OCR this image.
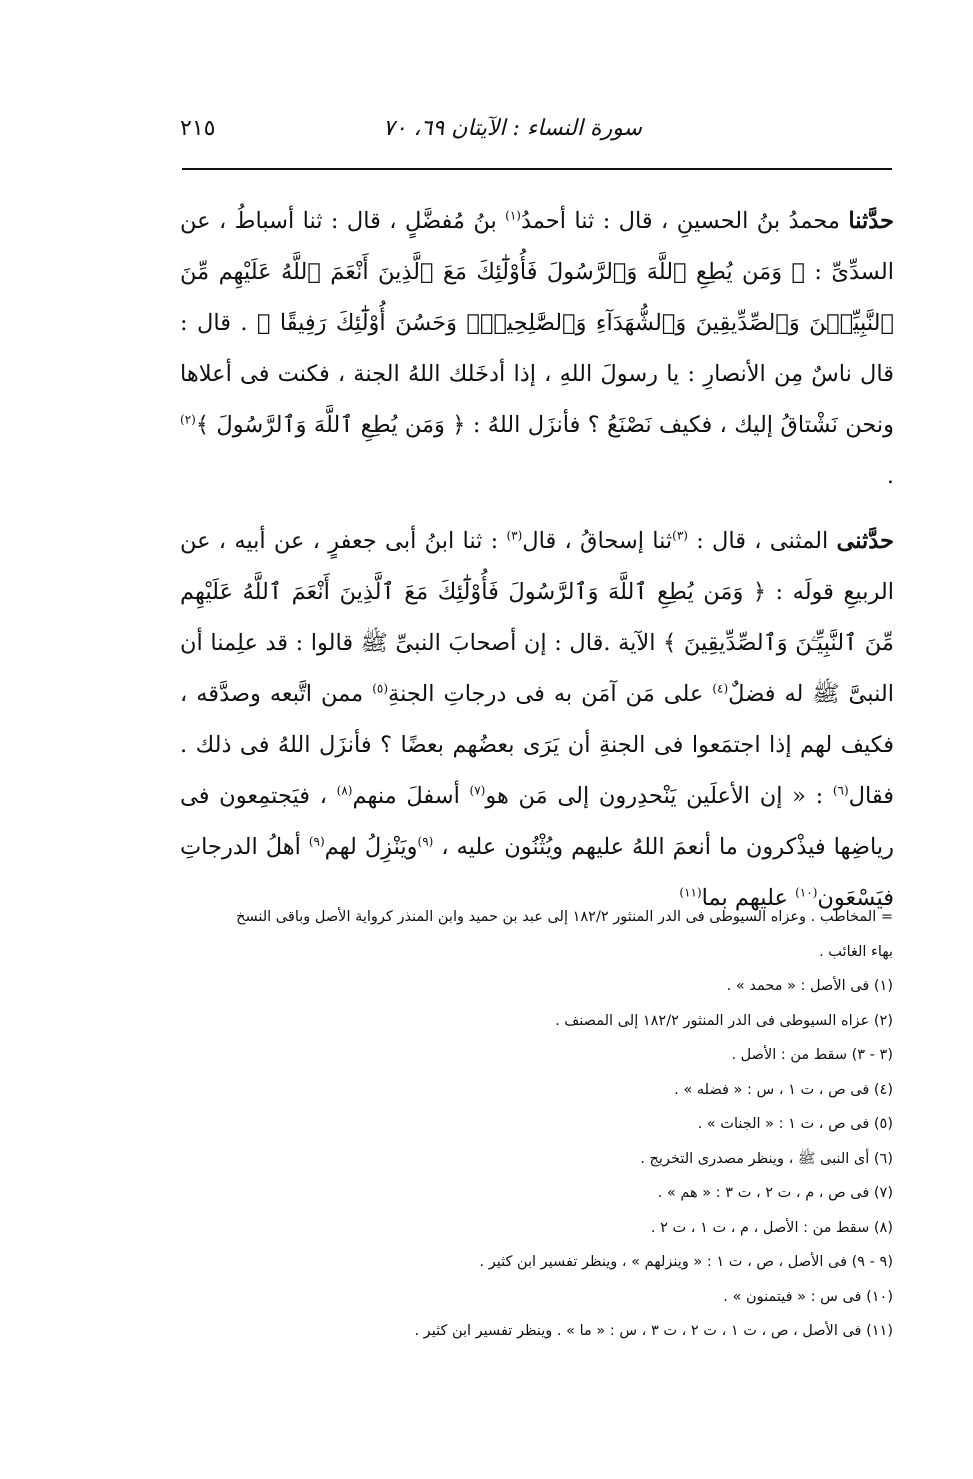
سورة النساء : الآيتان ٦٩، ٧٠
٢١٥

حدَّثنا محمدُ بنُ الحسينِ ، قال : ثنا أحمدُ$^{(١)}$ بنُ مُفضَّلٍ ، قال : ثنا أسباطُ ، عن السدِّىِّ : ﴿ وَمَن يُطِعِ ٱللَّهَ وَٱلرَّسُولَ فَأُوْلَٰٓئِكَ مَعَ ٱلَّذِينَ أَنْعَمَ ٱللَّهُ عَلَيْهِم مِّنَ ٱلنَّبِيِّـۧنَ وَٱلصِّدِّيقِينَ وَٱلشُّهَدَآءِ وَٱلصَّٰلِحِينَۚ وَحَسُنَ أُوْلَٰٓئِكَ رَفِيقًا ﴾ . قال : قال ناسٌ مِن الأنصارِ : يا رسولَ اللهِ ، إذا أدخَلك اللهُ الجنة ، فكنت فى أعلاها ونحن نَشْتاقُ إليك ، فكيف نَصْنَعُ ؟ فأنزَل اللهُ : ﴿ وَمَن يُطِعِ ٱللَّهَ وَٱلرَّسُولَ ﴾$^{(٢)}$ .

حدَّثنى المثنى ، قال : $^{(٣)}$ثنا إسحاقُ ، قال$^{(٣)}$ : ثنا ابنُ أبى جعفرٍ ، عن أبيه ، عن الربيعِ قولَه : ﴿ وَمَن يُطِعِ ٱللَّهَ وَٱلرَّسُولَ فَأُوْلَٰٓئِكَ مَعَ ٱلَّذِينَ أَنْعَمَ ٱللَّهُ عَلَيْهِم مِّنَ ٱلنَّبِيِّـۧنَ وَٱلصِّدِّيقِينَ ﴾ الآية .قال : إن أصحابَ النبىِّ ﷺ قالوا : قد علِمنا أن النبىَّ ﷺ له فضلٌ$^{(٤)}$ على مَن آمَن به فى درجاتِ الجنةِ$^{(٥)}$ ممن اتَّبعه وصدَّقه ، فكيف لهم إذا اجتمَعوا فى الجنةِ أن يَرَى بعضُهم بعضًا ؟ فأنزَل اللهُ فى ذلك . فقال$^{(٦)}$ : « إن الأعلَين يَنْحدِرون إلى مَن هو$^{(٧)}$ أسفلَ منهم$^{(٨)}$ ، فيَجتمِعون فى رياضِها فيذْكرون ما أنعمَ اللهُ عليهم ويُثْنُون عليه ، $^{(٩)}$ويَنْزِلُ لهم$^{(٩)}$ أهلُ الدرجاتِ فيَسْعَون$^{(١٠)}$ عليهم بما$^{(١١)}$

= المخاطَب . وعزاه السيوطى فى الدر المنثور ٢/‏١٨٢ إلى عبد بن حميد وابن المنذر كرواية الأصل وباقى النسخ
بهاء الغائب .
(١) فى الأصل : « محمد » .
(٢) عزاه السيوطى فى الدر المنثور ٢/‏١٨٢ إلى المصنف .
(٣ - ٣) سقط من : الأصل .
(٤) فى ص ، ت ١ ، س : « فضله » .
(٥) فى ص ، ت ١ : « الجنات » .
(٦) أى النبى ﷺ ، وينظر مصدرى التخريج .
(٧) فى ص ، م ، ت ٢ ، ت ٣ : « هم » .
(٨) سقط من : الأصل ، م ، ت ١ ، ت ٢ .
(٩ - ٩) فى الأصل ، ص ، ت ١ : « وينزلهم » ، وينظر تفسير ابن كثير .
(١٠) فى س : « فيتمنون » .
(١١) فى الأصل ، ص ، ت ١ ، ت ٢ ، ت ٣ ، س : « ما » . وينظر تفسير ابن كثير .
